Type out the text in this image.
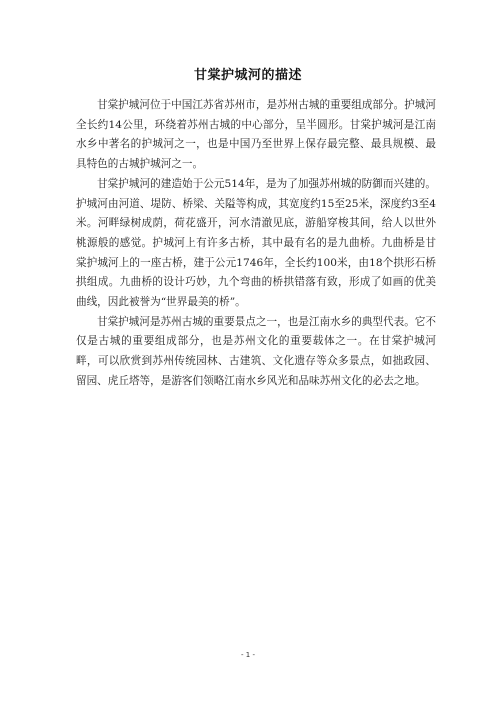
甘棠护城河的描述

甘棠护城河位于中国江苏省苏州市，是苏州古城的重要组成部分。护城河全长约14公里，环绕着苏州古城的中心部分，呈半圆形。甘棠护城河是江南水乡中著名的护城河之一，也是中国乃至世界上保存最完整、最具规模、最具特色的古城护城河之一。

甘棠护城河的建造始于公元514年，是为了加强苏州城的防御而兴建的。护城河由河道、堤防、桥梁、关隘等构成，其宽度约15至25米，深度约3至4米。河畔绿树成荫，荷花盛开，河水清澈见底，游船穿梭其间，给人以世外桃源般的感觉。护城河上有许多古桥，其中最有名的是九曲桥。九曲桥是甘棠护城河上的一座古桥，建于公元1746年，全长约100米，由18个拱形石桥拱组成。九曲桥的设计巧妙，九个弯曲的桥拱错落有致，形成了如画的优美曲线，因此被誉为“世界最美的桥”。

甘棠护城河是苏州古城的重要景点之一，也是江南水乡的典型代表。它不仅是古城的重要组成部分，也是苏州文化的重要载体之一。在甘棠护城河畔，可以欣赏到苏州传统园林、古建筑、文化遗存等众多景点，如拙政园、留园、虎丘塔等，是游客们领略江南水乡风光和品味苏州文化的必去之地。

- 1 -
